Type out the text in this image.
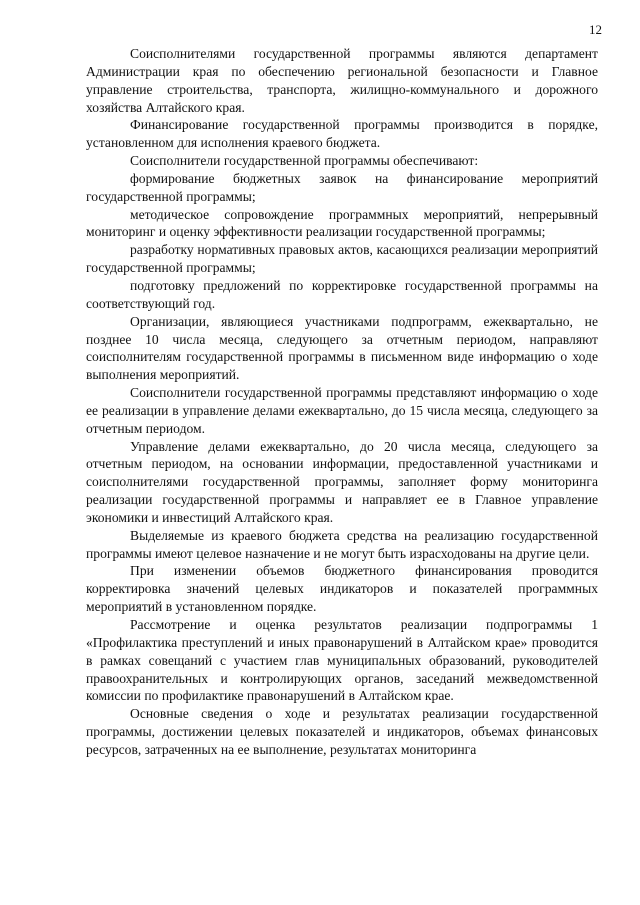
12

Соисполнителями государственной программы являются департамент Администрации края по обеспечению региональной безопасности и Главное управление строительства, транспорта, жилищно-коммунального и дорожного хозяйства Алтайского края.

Финансирование государственной программы производится в порядке, установленном для исполнения краевого бюджета.

Соисполнители государственной программы обеспечивают:

формирование бюджетных заявок на финансирование мероприятий государственной программы;

методическое сопровождение программных мероприятий, непрерывный мониторинг и оценку эффективности реализации государственной программы;

разработку нормативных правовых актов, касающихся реализации мероприятий государственной программы;

подготовку предложений по корректировке государственной программы на соответствующий год.

Организации, являющиеся участниками подпрограмм, ежеквартально, не позднее 10 числа месяца, следующего за отчетным периодом, направляют соисполнителям государственной программы в письменном виде информацию о ходе выполнения мероприятий.

Соисполнители государственной программы представляют информацию о ходе ее реализации в управление делами ежеквартально, до 15 числа месяца, следующего за отчетным периодом.

Управление делами ежеквартально, до 20 числа месяца, следующего за отчетным периодом, на основании информации, предоставленной участниками и соисполнителями государственной программы, заполняет форму мониторинга реализации государственной программы и направляет ее в Главное управление экономики и инвестиций Алтайского края.

Выделяемые из краевого бюджета средства на реализацию государственной программы имеют целевое назначение и не могут быть израсходованы на другие цели.

При изменении объемов бюджетного финансирования проводится корректировка значений целевых индикаторов и показателей программных мероприятий в установленном порядке.

Рассмотрение и оценка результатов реализации подпрограммы 1 «Профилактика преступлений и иных правонарушений в Алтайском крае» проводится в рамках совещаний с участием глав муниципальных образований, руководителей правоохранительных и контролирующих органов, заседаний межведомственной комиссии по профилактике правонарушений в Алтайском крае.

Основные сведения о ходе и результатах реализации государственной программы, достижении целевых показателей и индикаторов, объемах финансовых ресурсов, затраченных на ее выполнение, результатах мониторинга
